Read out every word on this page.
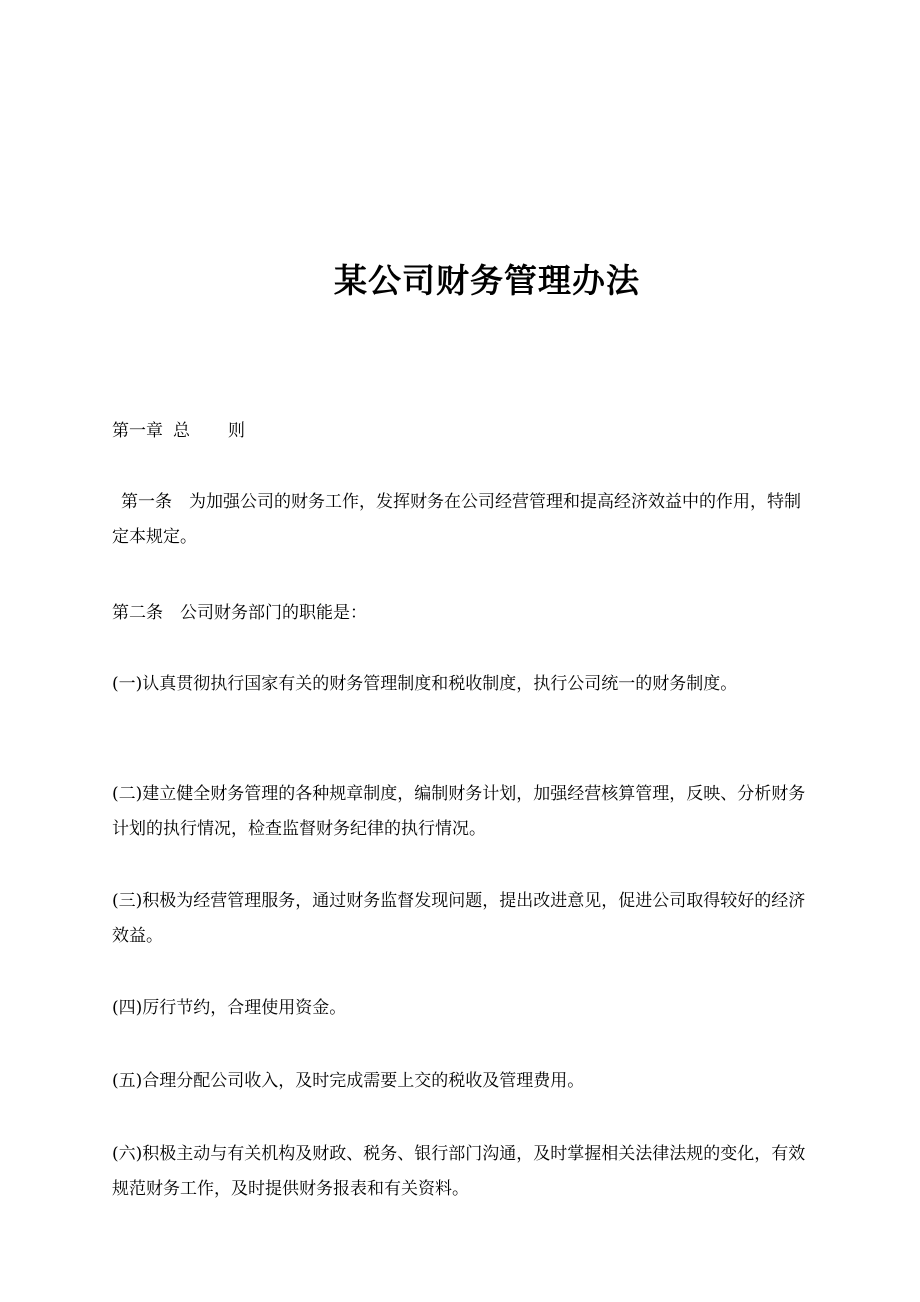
某公司财务管理办法

第一章 总 则

第一条 为加强公司的财务工作，发挥财务在公司经营管理和提高经济效益中的作用，特制定本规定。

第二条 公司财务部门的职能是：

(一)认真贯彻执行国家有关的财务管理制度和税收制度，执行公司统一的财务制度。

(二)建立健全财务管理的各种规章制度，编制财务计划，加强经营核算管理，反映、分析财务计划的执行情况，检查监督财务纪律的执行情况。

(三)积极为经营管理服务，通过财务监督发现问题，提出改进意见，促进公司取得较好的经济效益。

(四)厉行节约，合理使用资金。

(五)合理分配公司收入，及时完成需要上交的税收及管理费用。

(六)积极主动与有关机构及财政、税务、银行部门沟通，及时掌握相关法律法规的变化，有效规范财务工作，及时提供财务报表和有关资料。
